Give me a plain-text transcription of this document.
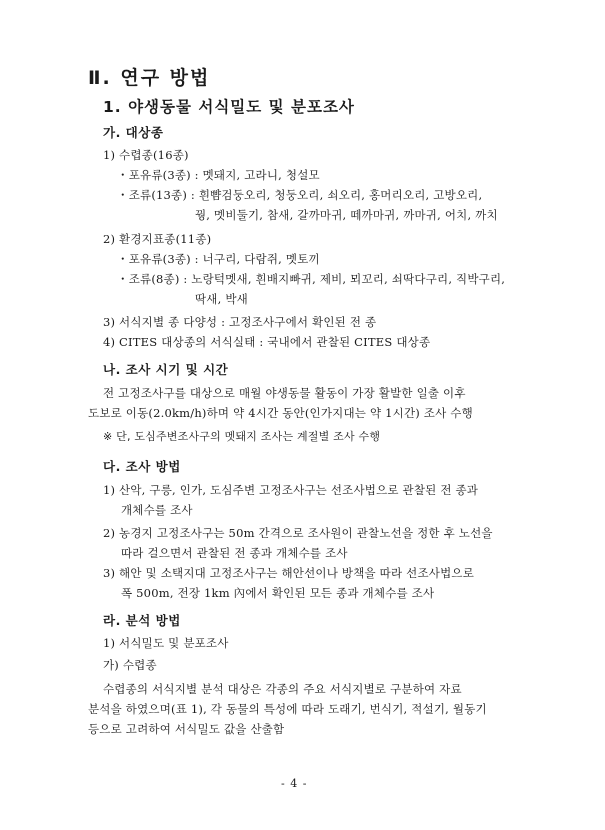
Ⅱ. 연구 방법
1. 야생동물 서식밀도 및 분포조사
가. 대상종
1) 수렵종(16종)
・포유류(3종) : 멧돼지, 고라니, 청설모
・조류(13종) : 흰뺨검둥오리, 청둥오리, 쇠오리, 홍머리오리, 고방오리,
꿩, 멧비둘기, 참새, 갈까마귀, 떼까마귀, 까마귀, 어치, 까치
2) 환경지표종(11종)
・포유류(3종) : 너구리, 다람쥐, 멧토끼
・조류(8종) : 노랑턱멧새, 흰배지빠귀, 제비, 뫼꼬리, 쇠딱다구리, 직박구리,
딱새, 박새
3) 서식지별 종 다양성 : 고정조사구에서 확인된 전 종
4) CITES 대상종의 서식실태 : 국내에서 관찰된 CITES 대상종
나. 조사 시기 및 시간
전 고정조사구를 대상으로 매월 야생동물 활동이 가장 활발한 일출 이후
도보로 이동(2.0km/h)하며 약 4시간 동안(인가지대는 약 1시간) 조사 수행
※ 단, 도심주변조사구의 멧돼지 조사는 계절별 조사 수행
다. 조사 방법
1) 산악, 구릉, 인가, 도심주변 고정조사구는 선조사법으로 관찰된 전 종과
개체수를 조사
2) 농경지 고정조사구는 50m 간격으로 조사원이 관찰노선을 정한 후 노선을
따라 걸으면서 관찰된 전 종과 개체수를 조사
3) 해안 및 소택지대 고정조사구는 해안선이나 방책을 따라 선조사법으로
폭 500m, 전장 1km 內에서 확인된 모든 종과 개체수를 조사
라. 분석 방법
1) 서식밀도 및 분포조사
가) 수렵종
수렵종의 서식지별 분석 대상은 각종의 주요 서식지별로 구분하여 자료
분석을 하였으며(표 1), 각 동물의 특성에 따라 도래기, 번식기, 적설기, 월동기
등으로 고려하여 서식밀도 값을 산출함
- 4 -
